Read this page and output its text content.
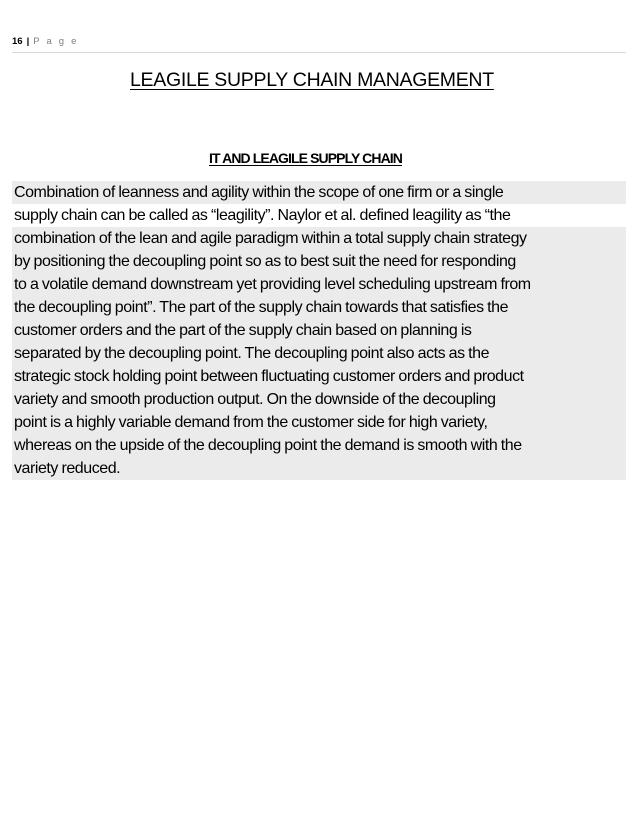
16 | P a g e
LEAGILE SUPPLY CHAIN MANAGEMENT
IT AND LEAGILE SUPPLY CHAIN
Combination of leanness and agility within the scope of one firm or a single
supply chain can be called as “leagility”. Naylor et al. defined leagility as “the
combination of the lean and agile paradigm within a total supply chain strategy
by positioning the decoupling point so as to best suit the need for responding
to a volatile demand downstream yet providing level scheduling upstream from
the decoupling point”. The part of the supply chain towards that satisfies the
customer orders and the part of the supply chain based on planning is
separated by the decoupling point. The decoupling point also acts as the
strategic stock holding point between fluctuating customer orders and product
variety and smooth production output. On the downside of the decoupling
point is a highly variable demand from the customer side for high variety,
whereas on the upside of the decoupling point the demand is smooth with the
variety reduced.
